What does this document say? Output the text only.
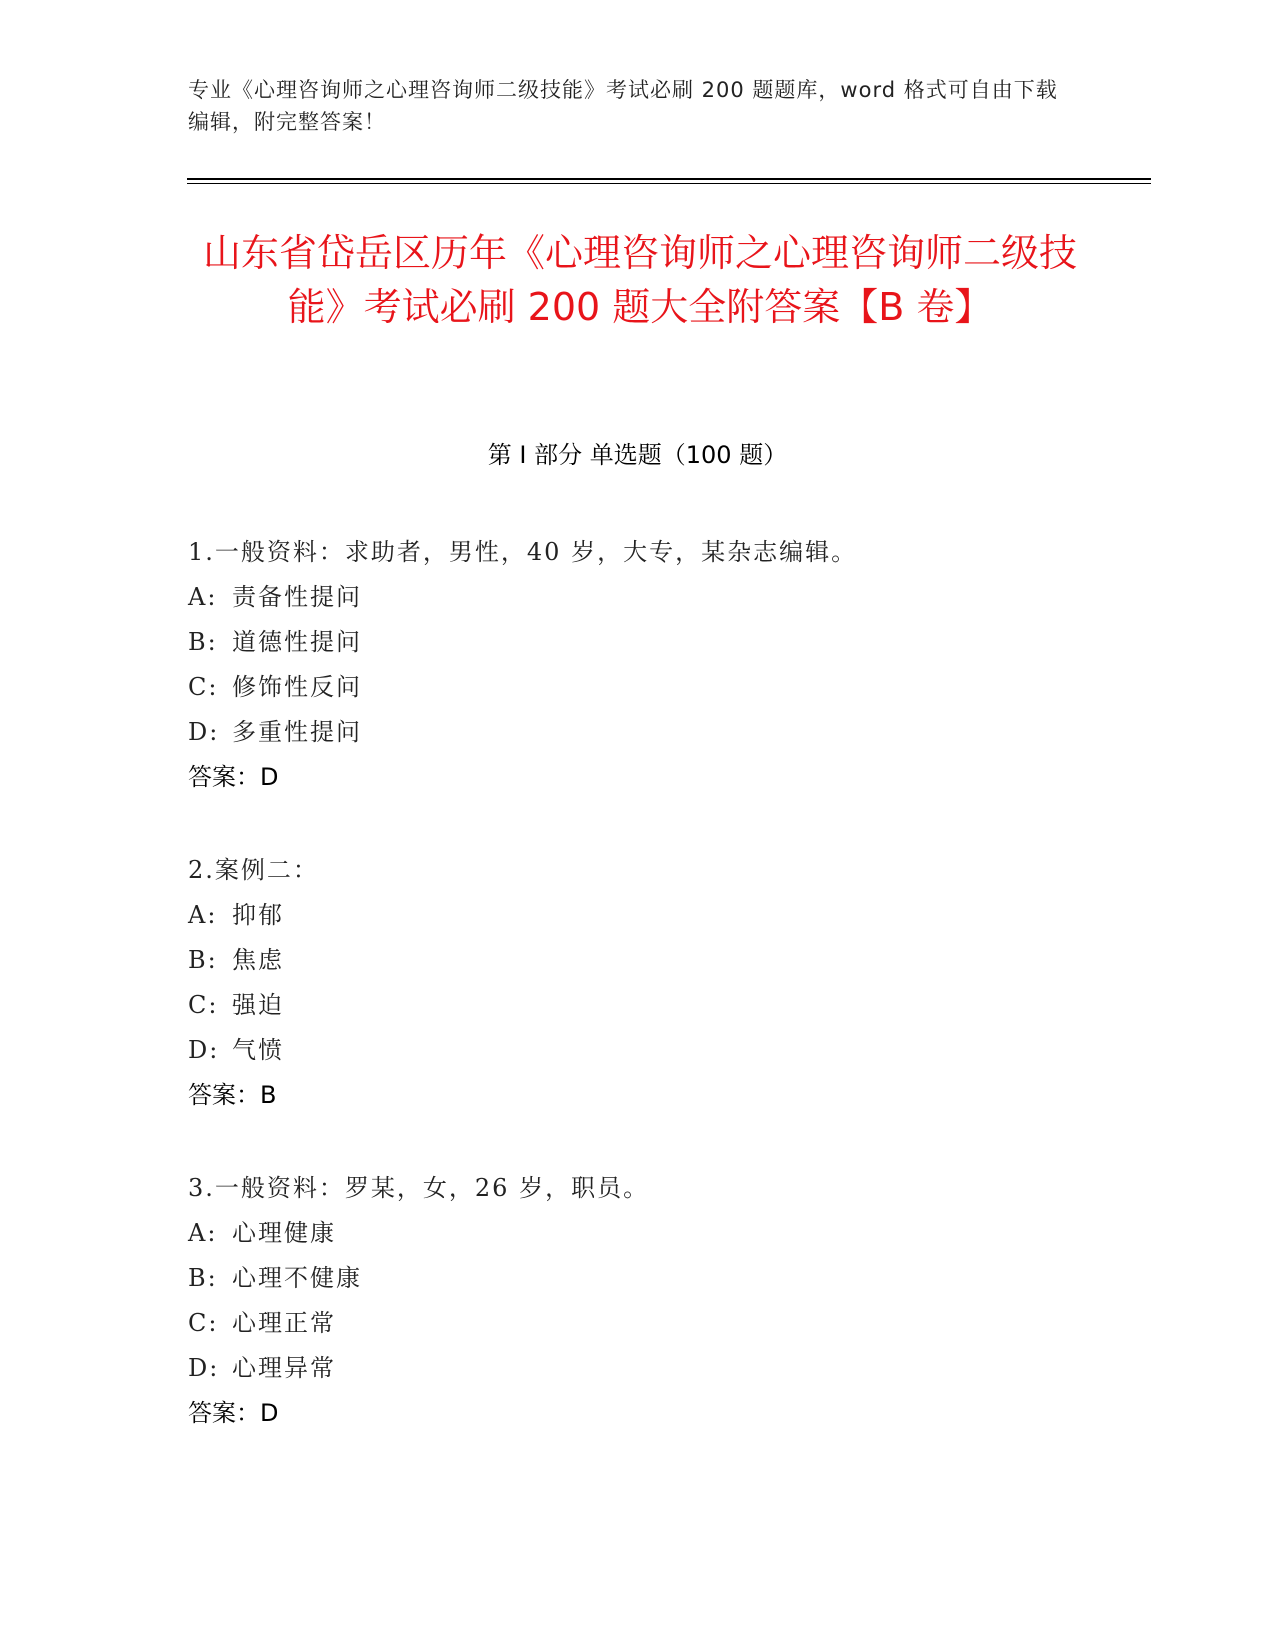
专业《心理咨询师之心理咨询师二级技能》考试必刷 200 题题库，word 格式可自由下载编辑，附完整答案！
山东省岱岳区历年《心理咨询师之心理咨询师二级技能》考试必刷 200 题大全附答案【B 卷】
第 I 部分 单选题（100 题）
1.一般资料：求助者，男性，40 岁，大专，某杂志编辑。
A: 责备性提问
B: 道德性提问
C: 修饰性反问
D: 多重性提问
答案：D
2.案例二：
A: 抑郁
B: 焦虑
C: 强迫
D: 气愤
答案：B
3.一般资料：罗某，女，26 岁，职员。
A: 心理健康
B: 心理不健康
C: 心理正常
D: 心理异常
答案：D
